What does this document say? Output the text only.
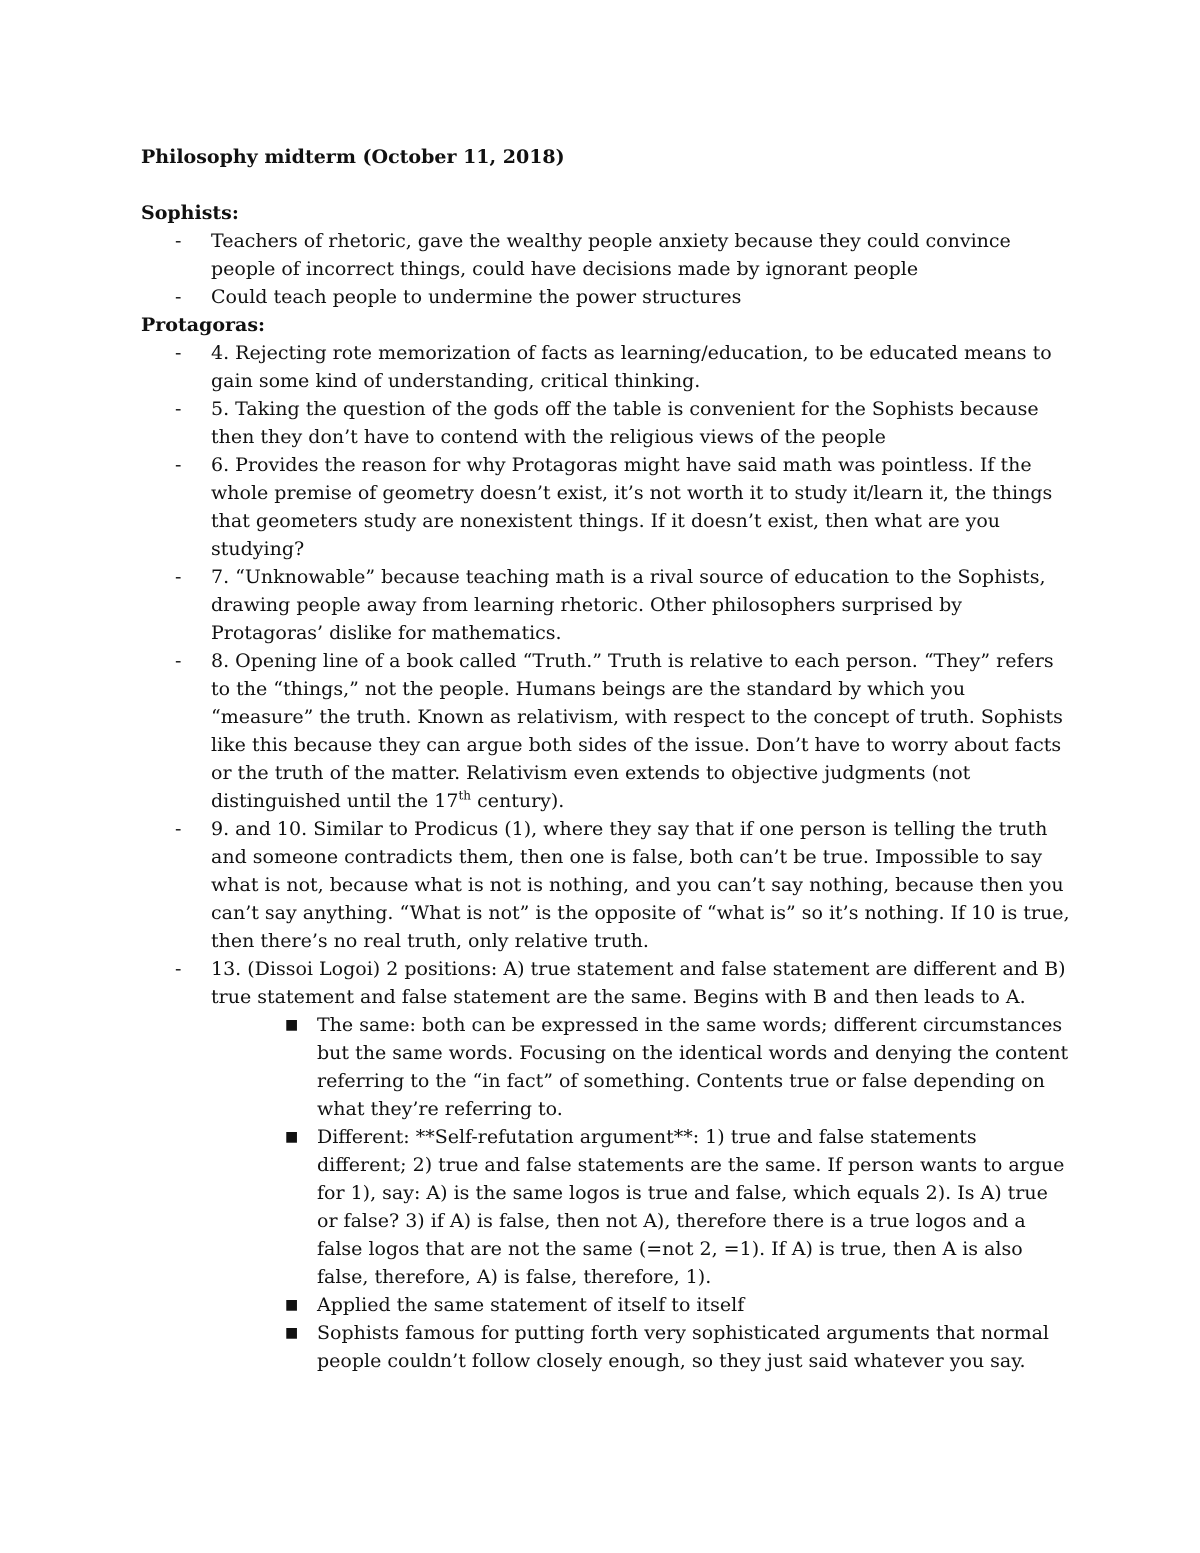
Philosophy midterm (October 11, 2018)

Sophists:

- Teachers of rhetoric, gave the wealthy people anxiety because they could convince people of incorrect things, could have decisions made by ignorant people
- Could teach people to undermine the power structures

Protagoras:

- 4. Rejecting rote memorization of facts as learning/education, to be educated means to gain some kind of understanding, critical thinking.
- 5. Taking the question of the gods off the table is convenient for the Sophists because then they don’t have to contend with the religious views of the people
- 6. Provides the reason for why Protagoras might have said math was pointless. If the whole premise of geometry doesn’t exist, it’s not worth it to study it/learn it, the things that geometers study are nonexistent things. If it doesn’t exist, then what are you studying?
- 7. “Unknowable” because teaching math is a rival source of education to the Sophists, drawing people away from learning rhetoric. Other philosophers surprised by Protagoras’ dislike for mathematics.
- 8. Opening line of a book called “Truth.” Truth is relative to each person. “They” refers to the “things,” not the people. Humans beings are the standard by which you “measure” the truth. Known as relativism, with respect to the concept of truth. Sophists like this because they can argue both sides of the issue. Don’t have to worry about facts or the truth of the matter. Relativism even extends to objective judgments (not distinguished until the 17th century).
- 9. and 10. Similar to Prodicus (1), where they say that if one person is telling the truth and someone contradicts them, then one is false, both can’t be true. Impossible to say what is not, because what is not is nothing, and you can’t say nothing, because then you can’t say anything. “What is not” is the opposite of “what is” so it’s nothing. If 10 is true, then there’s no real truth, only relative truth.
- 13. (Dissoi Logoi) 2 positions: A) true statement and false statement are different and B) true statement and false statement are the same. Begins with B and then leads to A.
■ The same: both can be expressed in the same words; different circumstances but the same words. Focusing on the identical words and denying the content referring to the “in fact” of something. Contents true or false depending on what they’re referring to.
■ Different: **Self-refutation argument**: 1) true and false statements different; 2) true and false statements are the same. If person wants to argue for 1), say: A) is the same logos is true and false, which equals 2). Is A) true or false? 3) if A) is false, then not A), therefore there is a true logos and a false logos that are not the same (=not 2, =1). If A) is true, then A is also false, therefore, A) is false, therefore, 1).
■ Applied the same statement of itself to itself
■ Sophists famous for putting forth very sophisticated arguments that normal people couldn’t follow closely enough, so they just said whatever you say.
